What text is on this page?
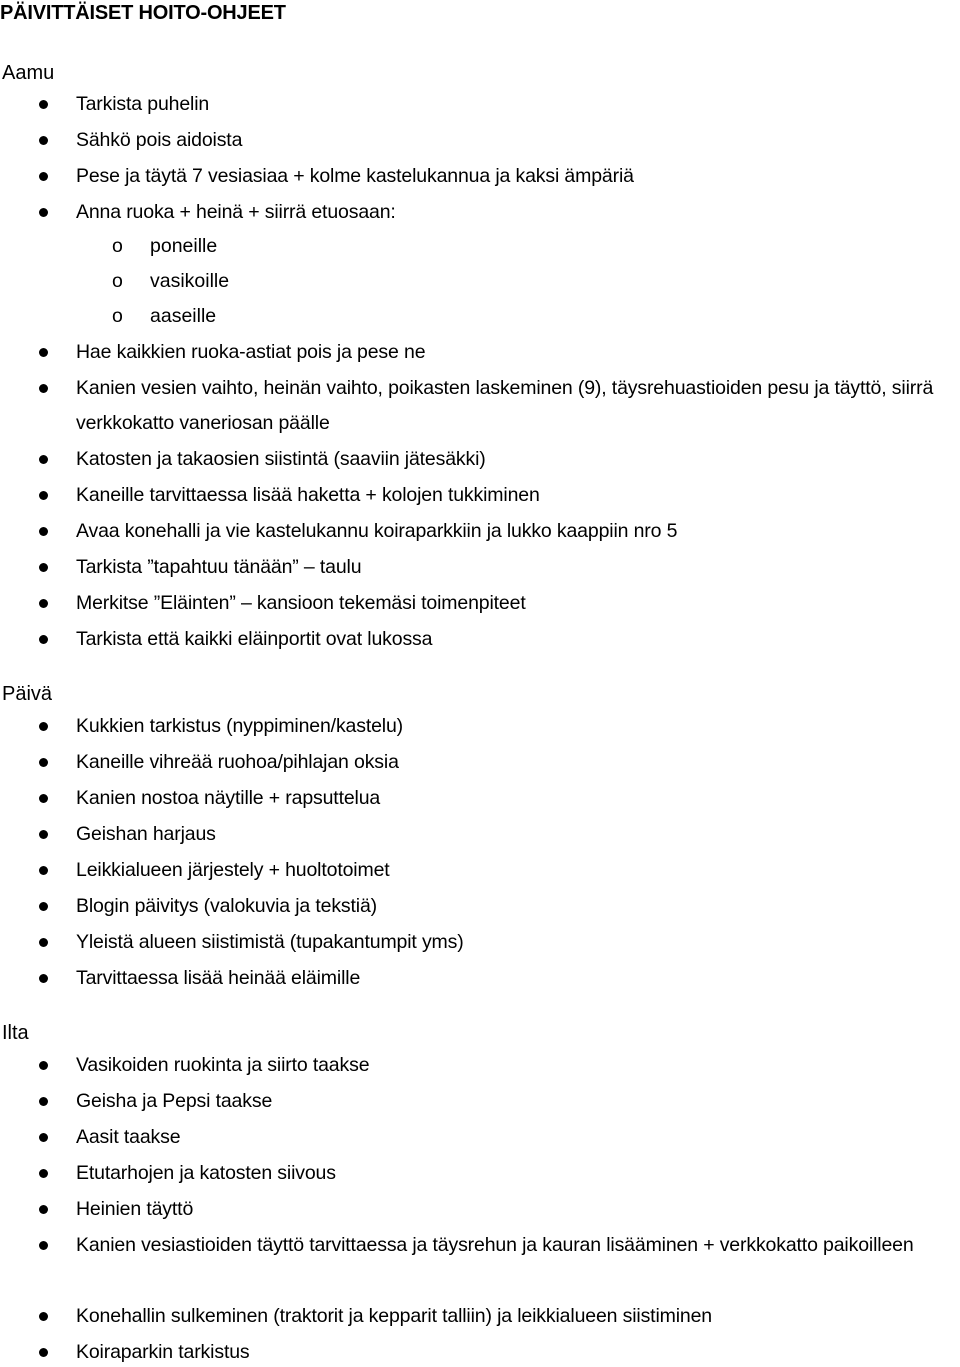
PÄIVITTÄISET HOITO-OHJEET
Aamu
Tarkista puhelin
Sähkö pois aidoista
Pese ja täytä 7 vesiasiaa + kolme kastelukannua ja kaksi ämpäriä
Anna ruoka + heinä + siirrä etuosaan:
o poneille
o vasikoille
o aaseille
Hae kaikkien ruoka-astiat pois ja pese ne
Kanien vesien vaihto, heinän vaihto, poikasten laskeminen (9), täysrehuastioiden pesu ja täyttö, siirrä verkkokatto vaneriosan päälle
Katosten ja takaosien siistintä (saaviin jätesäkki)
Kaneille tarvittaessa lisää haketta + kolojen tukkiminen
Avaa konehalli ja vie kastelukannu koiraparkkiin ja lukko kaappiin nro 5
Tarkista ”tapahtuu tänään” – taulu
Merkitse ”Eläinten” – kansioon tekemäsi toimenpiteet
Tarkista että kaikki eläinportit ovat lukossa
Päivä
Kukkien tarkistus (nyppiminen/kastelu)
Kaneille vihreää ruohoa/pihlajan oksia
Kanien nostoa näytille + rapsuttelua
Geishan harjaus
Leikkialueen järjestely + huoltotoimet
Blogin päivitys (valokuvia ja tekstiä)
Yleistä alueen siistimistä (tupakantumpit yms)
Tarvittaessa lisää heinää eläimille
Ilta
Vasikoiden ruokinta ja siirto taakse
Geisha ja Pepsi taakse
Aasit taakse
Etutarhojen ja katosten siivous
Heinien täyttö
Kanien vesiastioiden täyttö tarvittaessa ja täysrehun ja kauran lisääminen + verkkokatto paikoilleen
Konehallin sulkeminen (traktorit ja kepparit talliin) ja leikkialueen siistiminen
Koiraparkin tarkistus
